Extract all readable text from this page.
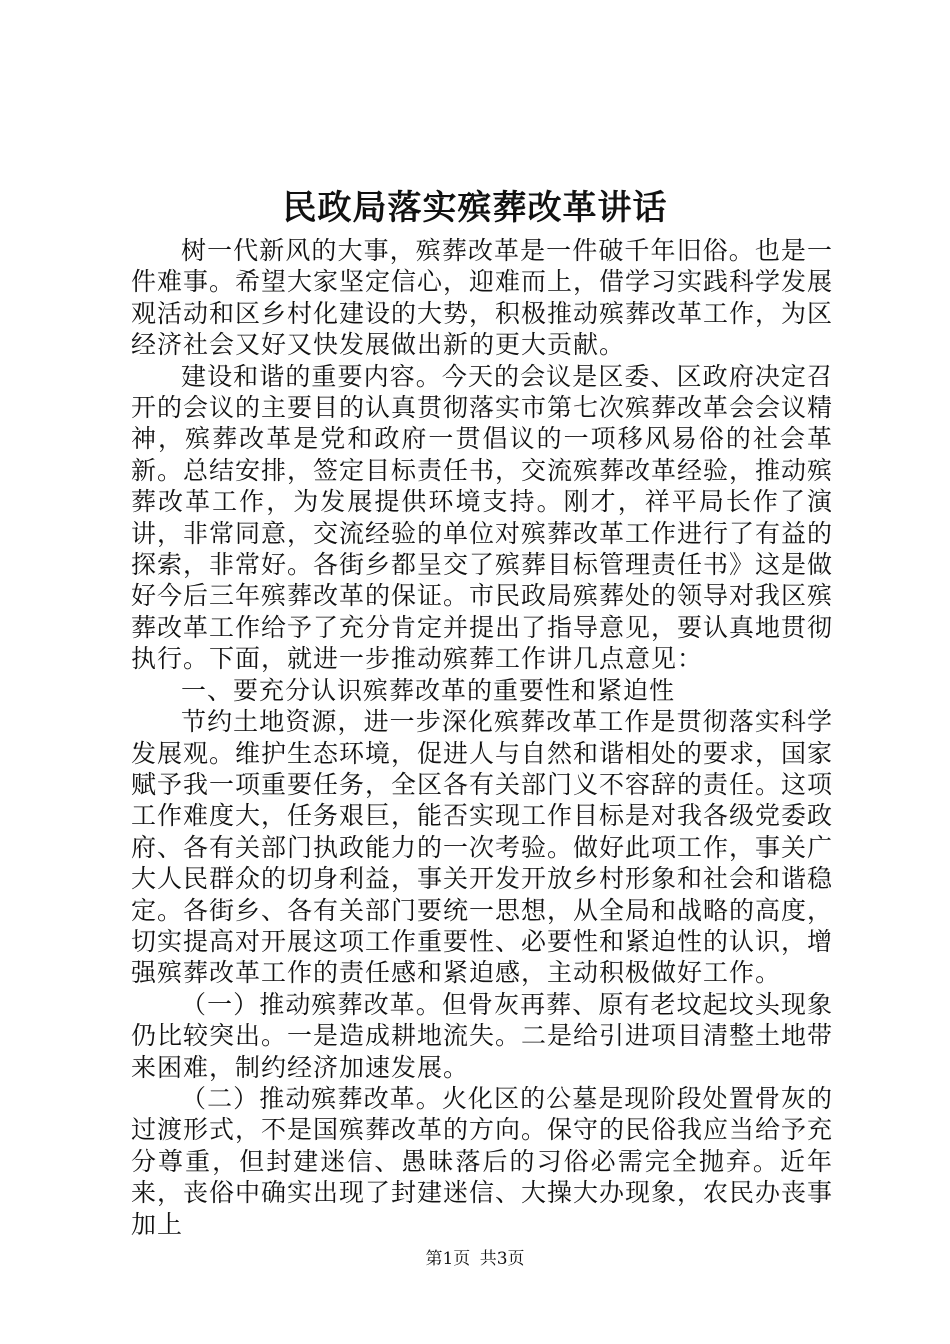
民政局落实殡葬改革讲话

树一代新风的大事，殡葬改革是一件破千年旧俗。也是一件难事。希望大家坚定信心，迎难而上，借学习实践科学发展观活动和区乡村化建设的大势，积极推动殡葬改革工作，为区经济社会又好又快发展做出新的更大贡献。

建设和谐的重要内容。今天的会议是区委、区政府决定召开的会议的主要目的认真贯彻落实市第七次殡葬改革会会议精神，殡葬改革是党和政府一贯倡议的一项移风易俗的社会革新。总结安排，签定目标责任书，交流殡葬改革经验，推动殡葬改革工作，为发展提供环境支持。刚才，祥平局长作了演讲，非常同意，交流经验的单位对殡葬改革工作进行了有益的探索，非常好。各街乡都呈交了殡葬目标管理责任书》这是做好今后三年殡葬改革的保证。市民政局殡葬处的领导对我区殡葬改革工作给予了充分肯定并提出了指导意见，要认真地贯彻执行。下面，就进一步推动殡葬工作讲几点意见：

一、要充分认识殡葬改革的重要性和紧迫性

节约土地资源，进一步深化殡葬改革工作是贯彻落实科学发展观。维护生态环境，促进人与自然和谐相处的要求，国家赋予我一项重要任务，全区各有关部门义不容辞的责任。这项工作难度大，任务艰巨，能否实现工作目标是对我各级党委政府、各有关部门执政能力的一次考验。做好此项工作，事关广大人民群众的切身利益，事关开发开放乡村形象和社会和谐稳定。各街乡、各有关部门要统一思想，从全局和战略的高度，切实提高对开展这项工作重要性、必要性和紧迫性的认识，增强殡葬改革工作的责任感和紧迫感，主动积极做好工作。

（一）推动殡葬改革。但骨灰再葬、原有老坟起坟头现象仍比较突出。一是造成耕地流失。二是给引进项目清整土地带来困难，制约经济加速发展。

（二）推动殡葬改革。火化区的公墓是现阶段处置骨灰的过渡形式，不是国殡葬改革的方向。保守的民俗我应当给予充分尊重，但封建迷信、愚昧落后的习俗必需完全抛弃。近年来，丧俗中确实出现了封建迷信、大操大办现象，农民办丧事加上

第1页 共3页
